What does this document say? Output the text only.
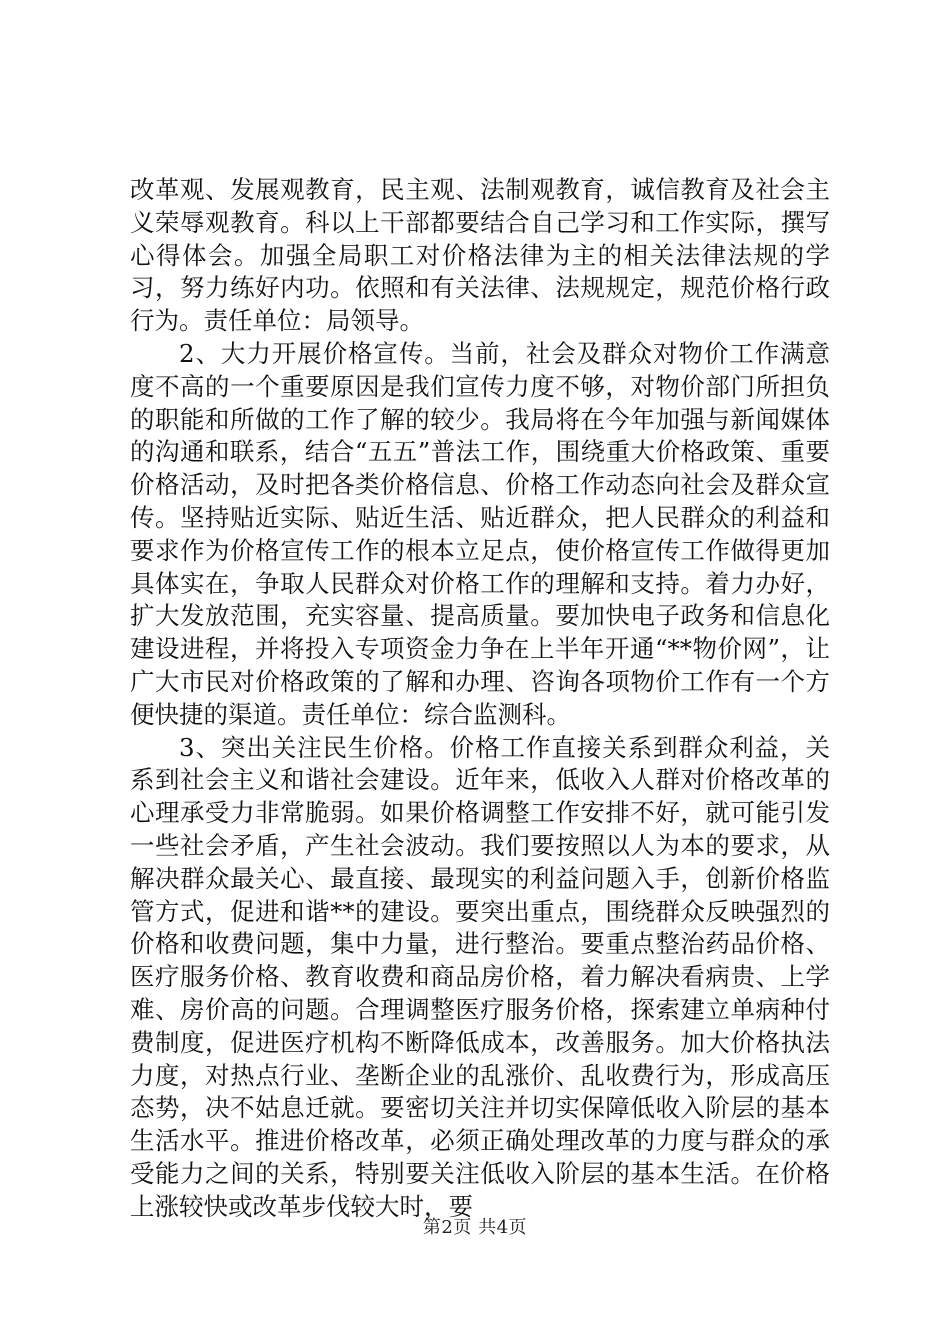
改革观、发展观教育，民主观、法制观教育，诚信教育及社会主义荣辱观教育。科以上干部都要结合自己学习和工作实际，撰写心得体会。加强全局职工对价格法律为主的相关法律法规的学习，努力练好内功。依照和有关法律、法规规定，规范价格行政行为。责任单位：局领导。

2、大力开展价格宣传。当前，社会及群众对物价工作满意度不高的一个重要原因是我们宣传力度不够，对物价部门所担负的职能和所做的工作了解的较少。我局将在今年加强与新闻媒体的沟通和联系，结合“五五”普法工作，围绕重大价格政策、重要价格活动，及时把各类价格信息、价格工作动态向社会及群众宣传。坚持贴近实际、贴近生活、贴近群众，把人民群众的利益和要求作为价格宣传工作的根本立足点，使价格宣传工作做得更加具体实在，争取人民群众对价格工作的理解和支持。着力办好，扩大发放范围，充实容量、提高质量。要加快电子政务和信息化建设进程，并将投入专项资金力争在上半年开通“**物价网”，让广大市民对价格政策的了解和办理、咨询各项物价工作有一个方便快捷的渠道。责任单位：综合监测科。

3、突出关注民生价格。价格工作直接关系到群众利益，关系到社会主义和谐社会建设。近年来，低收入人群对价格改革的心理承受力非常脆弱。如果价格调整工作安排不好，就可能引发一些社会矛盾，产生社会波动。我们要按照以人为本的要求，从解决群众最关心、最直接、最现实的利益问题入手，创新价格监管方式，促进和谐**的建设。要突出重点，围绕群众反映强烈的价格和收费问题，集中力量，进行整治。要重点整治药品价格、医疗服务价格、教育收费和商品房价格，着力解决看病贵、上学难、房价高的问题。合理调整医疗服务价格，探索建立单病种付费制度，促进医疗机构不断降低成本，改善服务。加大价格执法力度，对热点行业、垄断企业的乱涨价、乱收费行为，形成高压态势，决不姑息迁就。要密切关注并切实保障低收入阶层的基本生活水平。推进价格改革，必须正确处理改革的力度与群众的承受能力之间的关系，特别要关注低收入阶层的基本生活。在价格上涨较快或改革步伐较大时，要

第2页 共4页
